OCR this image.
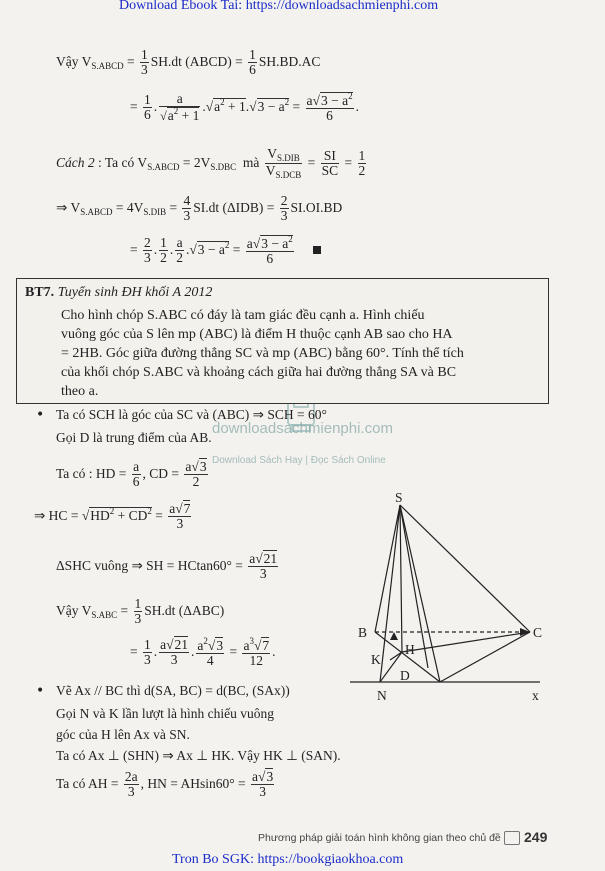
Download Ebook Tai: https://downloadsachmienphi.com
Tron Bo SGK: https://bookgiaokhoa.com
downloadsachmienphi.com
Download Sách Hay | Đọc Sách Online
Vậy $V_{S.ABCD} = \frac{1}{3} SH.dt$ (ABCD) = $\frac{1}{6} SH.BD.AC$
= $\frac{1}{6}$ . $\frac{a}{√a^2 + 1} .√a^2 + 1.√3 - a^2 = \frac{a√3 - a^2}{6}$ .
Cách 2 : Ta có $V_{S.ABCD} = 2V_{S.DBC}$ mà $\frac{V_{S.DIB}}{V_{S.DCB}} = \frac{SI}{SC} = \frac{1}{2}$
⇒ $V_{S.ABCD} = 4V_{S.DIB} = \frac{4}{3} SI.dt$ $(\Delta IDB) = \frac{2}{3} SI.OI.BD$
= $\frac{2}{3}$ . $\frac{1}{2}$ . $\frac{a}{2} .√3 - a^2 = \frac{a√3 - a^2}{6}$

BT7. Tuyển sinh ĐH khối A 2012
Cho hình chóp S.ABC có đáy là tam giác đều cạnh a. Hình chiếu
vuông góc của S lên mp (ABC) là điểm H thuộc cạnh AB sao cho HA
= 2HB. Góc giữa đường thẳng SC và mp (ABC) bằng 60°. Tính thể tích
của khối chóp S.ABC và khoảng cách giữa hai đường thẳng SA và BC
theo a.
• Ta có SCH là góc của SC và (ABC) ⇒ SCH = 60°
Gọi D là trung điểm của AB.
Ta có : HD = $\frac{a}{6}$ , CD = $\frac{a√3}{2}$
⇒ HC = $√HD^2 + CD^2 = \frac{a√7}{3}$
ΔSHC vuông ⇒ SH = $HCtan60^\circ = \frac{a√21}{3}$
Vậy $V_{S.ABC} = \frac{1}{3} SH.dt$ (ΔABC)
= $\frac{1}{3}$ . $\frac{a√21}{3}$ . $\frac{a^2√3}{4} = \frac{a^3√7}{12}$ .
• Vẽ Ax // BC thì d(SA, BC) = d(BC, (SAx))
Gọi N và K lần lượt là hình chiếu vuông
góc của H lên Ax và SN.
Ta có Ax ⊥ (SHN) ⇒ Ax ⊥ HK. Vậy HK ⊥ (SAN).
Ta có AH = $\frac{2a}{3}$ , HN = $AHsin60^\circ = \frac{a√3}{3}$
S
B	C
K
H
D
N	x
Phương pháp giải toán hình không gian theo chủ đề 249
